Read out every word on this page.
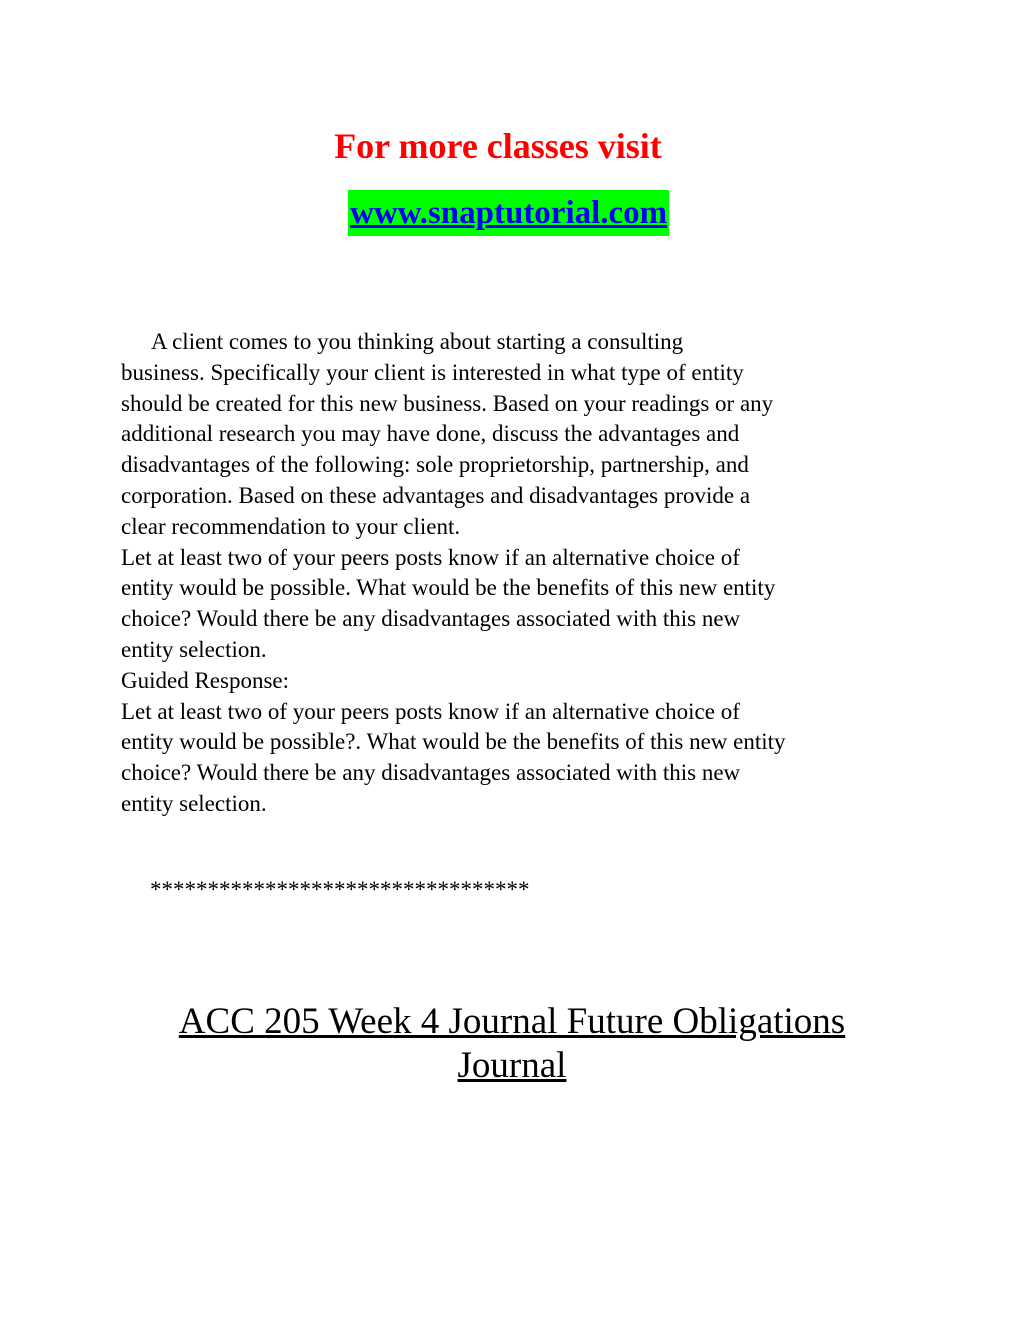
For more classes visit
www.snaptutorial.com

A client comes to you thinking about starting a consulting

business. Specifically your client is interested in what type of entity

should be created for this new business. Based on your readings or any

additional research you may have done, discuss the advantages and

disadvantages of the following: sole proprietorship, partnership, and

corporation. Based on these advantages and disadvantages provide a

clear recommendation to your client.

Let at least two of your peers posts know if an alternative choice of

entity would be possible. What would be the benefits of this new entity

choice? Would there be any disadvantages associated with this new

entity selection.

Guided Response:

Let at least two of your peers posts know if an alternative choice of

entity would be possible?. What would be the benefits of this new entity

choice? Would there be any disadvantages associated with this new

entity selection.

*********************************
ACC 205 Week 4 Journal Future Obligations
Journal
